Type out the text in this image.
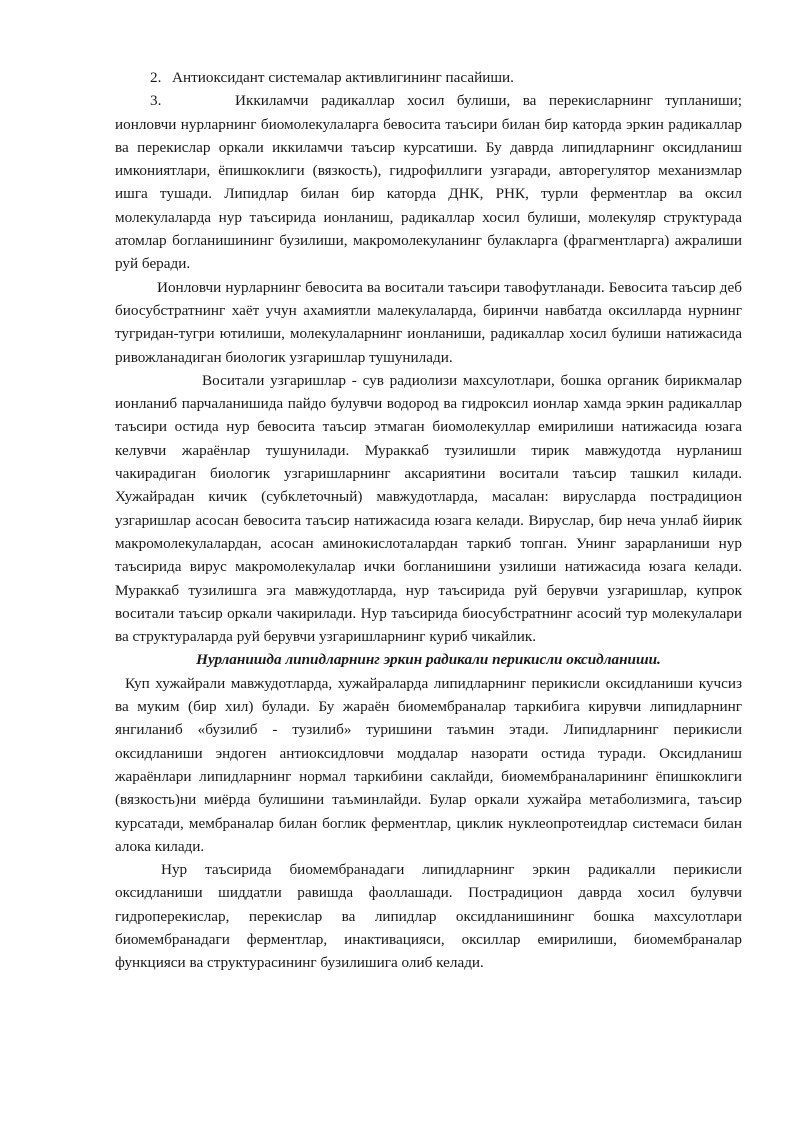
2. Антиоксидант системалар активлигининг пасайиши.
3.	Иккиламчи радикаллар хосил булиши, ва перекисларнинг тупланиши; ионловчи нурларнинг биомолекулаларга бевосита таъсири билан бир каторда эркин радикаллар ва перекислар оркали иккиламчи таъсир курсатиши. Бу даврда липидларнинг оксидланиш имкониятлари, ёпишкоклиги (вязкость), гидрофиллиги узгаради, авторегулятор механизмлар ишга тушади. Липидлар билан бир каторда ДНК, РНК, турли ферментлар ва оксил молекулаларда нур таъсирида ионланиш, радикаллар хосил булиши, молекуляр структурада атомлар богланишининг бузилиши, макромолекуланинг булакларга (фрагментларга) ажралиши руй беради.

Ионловчи нурларнинг бевосита ва воситали таъсири тавофутланади. Бевосита таъсир деб биосубстратнинг хаёт учун ахамиятли малекулаларда, биринчи навбатда оксилларда нурнинг тугридан-тугри ютилиши, молекулаларнинг ионланиши, радикаллар хосил булиши натижасида ривожланадиган биологик узгаришлар тушунилади.

Воситали узгаришлар - сув радиолизи махсулотлари, бошка органик бирикмалар ионланиб парчаланишида пайдо булувчи водород ва гидроксил ионлар хамда эркин радикаллар таъсири остида нур бевосита таъсир этмаган биомолекуллар емирилиши натижасида юзага келувчи жараёнлар тушунилади. Мураккаб тузилишли тирик мавжудотда нурланиш чакирадиган биологик узгаришларнинг аксариятини воситали таъсир ташкил килади. Хужайрадан кичик (субклеточный) мавжудотларда, масалан: вирусларда пострадицион узгаришлар асосан бевосита таъсир натижасида юзага келади. Вируслар, бир неча унлаб йирик макромолекулалардан, асосан аминокислоталардан таркиб топган. Унинг зарарланиши нур таъсирида вирус макромолекулалар ички богланишини узилиши натижасида юзага келади. Мураккаб тузилишга эга мавжудотларда, нур таъсирида руй берувчи узгаришлар, купрок воситали таъсир оркали чакирилади. Нур таъсирида биосубстратнинг асосий тур молекулалари ва структураларда руй берувчи узгаришларнинг куриб чикайлик.

Нурланишда липидларнинг эркин радикали перикисли оксидланиши.

Куп хужайрали мавжудотларда, хужайраларда липидларнинг перикисли оксидланиши кучсиз ва муким (бир хил) булади. Бу жараён биомембраналар таркибига кирувчи липидларнинг янгиланиб «бузилиб - тузилиб» туришини таъмин этади. Липидларнинг перикисли оксидланиши эндоген антиоксидловчи моддалар назорати остида туради. Оксидланиш жараёнлари липидларнинг нормал таркибини саклайди, биомембраналарининг ёпишкоклиги (вязкость)ни миёрда булишини таъминлайди. Булар оркали хужайра метаболизмига, таъсир курсатади, мембраналар билан боглик ферментлар, циклик нуклеопротеидлар системаси билан алока килади.

Нур таъсирида биомембранадаги липидларнинг эркин радикалли перикисли оксидланиши шиддатли равишда фаоллашади. Пострадицион даврда хосил булувчи гидроперекислар, перекислар ва липидлар оксидланишининг бошка махсулотлари биомембранадаги ферментлар, инактивацияси, оксиллар емирилиши, биомембраналар функцияси ва структурасининг бузилишига олиб келади.
